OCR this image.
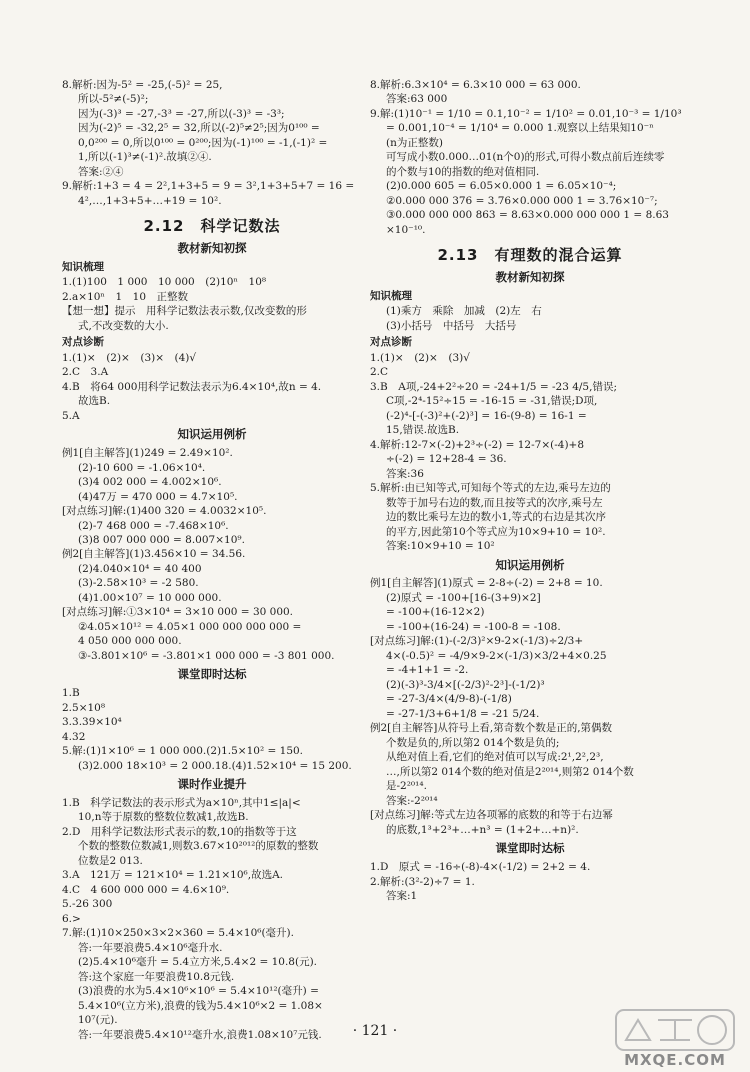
8.解析:因为-5² = -25,(-5)² = 25,
所以-5²≠(-5)²;
因为(-3)³ = -27,-3³ = -27,所以(-3)³ = -3³;
因为(-2)⁵ = -32,2⁵ = 32,所以(-2)⁵≠2⁵;因为0¹⁰⁰ =
0,0²⁰⁰ = 0,所以0¹⁰⁰ = 0²⁰⁰;因为(-1)¹⁰⁰ = -1,(-1)² =
1,所以(-1)³≠(-1)².故填②④.
答案:②④
9.解析:1+3 = 4 = 2²,1+3+5 = 9 = 3²,1+3+5+7 = 16 =
4²,…,1+3+5+…+19 = 10².
2.12　科学记数法
教材新知初探
知识梳理
1.(1)100　1 000　10 000　(2)10ⁿ　10⁸
2.a×10ⁿ　1　10　正整数
【想一想】提示　用科学记数法表示数,仅改变数的形
式,不改变数的大小.
对点诊断
1.(1)×　(2)×　(3)×　(4)√
2.C　3.A
4.B　将64 000用科学记数法表示为6.4×10⁴,故n = 4.
故选B.
5.A
知识运用例析
例1[自主解答](1)249 = 2.49×10².
(2)-10 600 = -1.06×10⁴.
(3)4 002 000 = 4.002×10⁶.
(4)47万 = 470 000 = 4.7×10⁵.
[对点练习]解:(1)400 320 = 4.0032×10⁵.
(2)-7 468 000 = -7.468×10⁶.
(3)8 007 000 000 = 8.007×10⁹.
例2[自主解答](1)3.456×10 = 34.56.
(2)4.040×10⁴ = 40 400
(3)-2.58×10³ = -2 580.
(4)1.00×10⁷ = 10 000 000.
[对点练习]解:①3×10⁴ = 3×10 000 = 30 000.
②4.05×10¹² = 4.05×1 000 000 000 000 =
4 050 000 000 000.
③-3.801×10⁶ = -3.801×1 000 000 = -3 801 000.
课堂即时达标
1.B
2.5×10⁸
3.3.39×10⁴
4.32
5.解:(1)1×10⁶ = 1 000 000.(2)1.5×10² = 150.
(3)2.000 18×10³ = 2 000.18.(4)1.52×10⁴ = 15 200.
课时作业提升
1.B　科学记数法的表示形式为a×10ⁿ,其中1≤|a|<
10,n等于原数的整数位数减1,故选B.
2.D　用科学记数法形式表示的数,10的指数等于这
个数的整数位数减1,则数3.67×10²⁰¹²的原数的整数
位数是2 013.
3.A　121万 = 121×10⁴ = 1.21×10⁶,故选A.
4.C　4 600 000 000 = 4.6×10⁹.
5.-26 300
6.>
7.解:(1)10×250×3×2×360 = 5.4×10⁶(毫升).
答:一年要浪费5.4×10⁶毫升水.
(2)5.4×10⁶毫升 = 5.4立方米,5.4×2 = 10.8(元).
答:这个家庭一年要浪费10.8元钱.
(3)浪费的水为5.4×10⁶×10⁶ = 5.4×10¹²(毫升) =
5.4×10⁶(立方米),浪费的钱为5.4×10⁶×2 = 1.08×
10⁷(元).
答:一年要浪费5.4×10¹²毫升水,浪费1.08×10⁷元钱.
8.解析:6.3×10⁴ = 6.3×10 000 = 63 000.
答案:63 000
9.解:(1)10⁻¹ = 1/10 = 0.1,10⁻² = 1/10² = 0.01,10⁻³ = 1/10³
= 0.001,10⁻⁴ = 1/10⁴ = 0.000 1.观察以上结果知10⁻ⁿ
(n为正整数)
可写成小数0.000…01(n个0)的形式,可得小数点前后连续零
的个数与10的指数的绝对值相同.
(2)0.000 605 = 6.05×0.000 1 = 6.05×10⁻⁴;
②0.000 000 376 = 3.76×0.000 000 1 = 3.76×10⁻⁷;
③0.000 000 000 863 = 8.63×0.000 000 000 1 = 8.63
×10⁻¹⁰.
2.13　有理数的混合运算
教材新知初探
知识梳理
(1)乘方　乘除　加减　(2)左　右
(3)小括号　中括号　大括号
对点诊断
1.(1)×　(2)×　(3)√
2.C
3.B　A项,-24+2²÷20 = -24+1/5 = -23 4/5,错误;
C项,-2⁴-15²÷15 = -16-15 = -31,错误;D项,
(-2)⁴-[-(-3)²+(-2)³] = 16-(9-8) = 16-1 =
15,错误.故选B.
4.解析:12-7×(-2)+2³÷(-2) = 12-7×(-4)+8
÷(-2) = 12+28-4 = 36.
答案:36
5.解析:由已知等式,可知每个等式的左边,乘号左边的
数等于加号右边的数,而且按等式的次序,乘号左
边的数比乘号左边的数小1,等式的右边是其次序
的平方,因此第10个等式应为10×9+10 = 10².
答案:10×9+10 = 10²
知识运用例析
例1[自主解答](1)原式 = 2-8÷(-2) = 2+8 = 10.
(2)原式 = -100+[16-(3+9)×2]
= -100+(16-12×2)
= -100+(16-24) = -100-8 = -108.
[对点练习]解:(1)-(-2/3)²×9-2×(-1/3)÷2/3+
4×(-0.5)² = -4/9×9-2×(-1/3)×3/2+4×0.25
= -4+1+1 = -2.
(2)(-3)³-3/4×[(-2/3)²-2³]-(-1/2)³
= -27-3/4×(4/9-8)-(-1/8)
= -27-1/3+6+1/8 = -21 5/24.
例2[自主解答]从符号上看,第奇数个数是正的,第偶数
个数是负的,所以第2 014个数是负的;
从绝对值上看,它们的绝对值可以写成:2¹,2²,2³,
…,所以第2 014个数的绝对值是2²⁰¹⁴,则第2 014个数
是-2²⁰¹⁴.
答案:-2²⁰¹⁴
[对点练习]解:等式左边各项幂的底数的和等于右边幂
的底数,1³+2³+…+n³ = (1+2+…+n)².
课堂即时达标
1.D　原式 = -16÷(-8)-4×(-1/2) = 2+2 = 4.
2.解析:(3²-2)÷7 = 1.
答案:1
· 121 ·
MXQE.COM
